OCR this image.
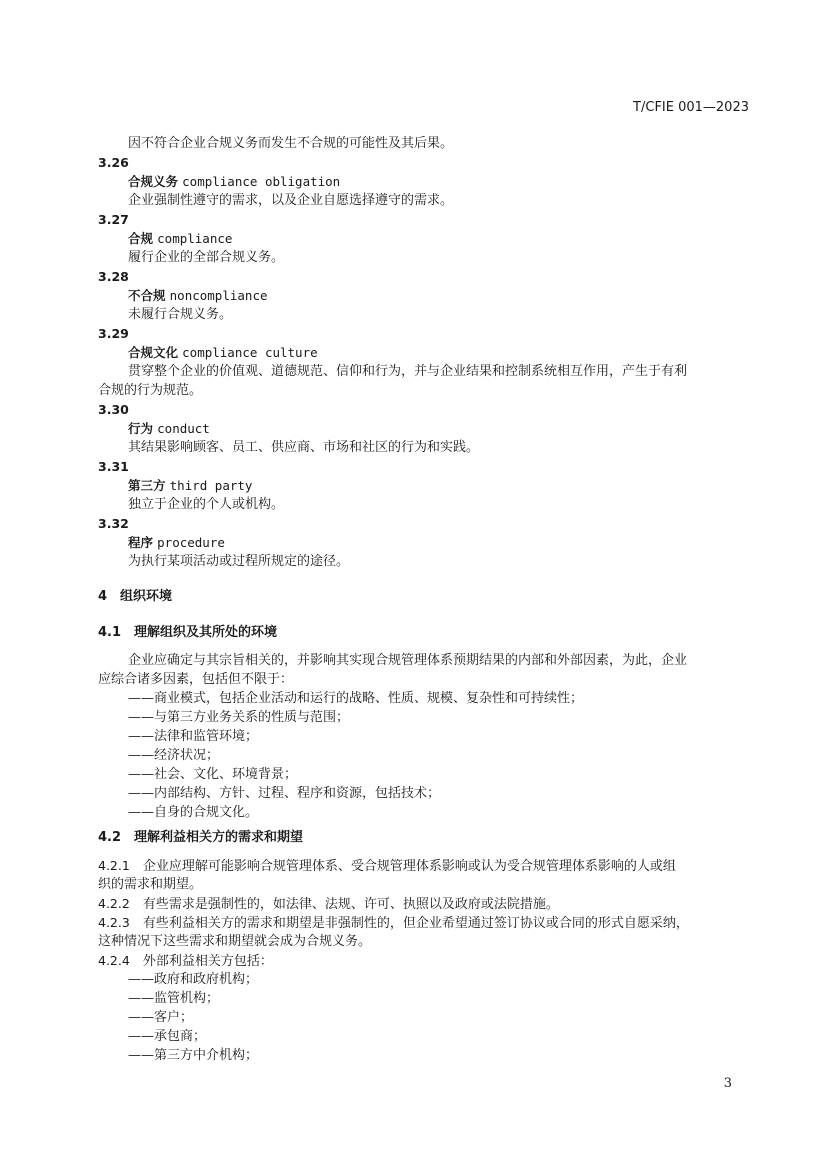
T/CFIE 001—2023
因不符合企业合规义务而发生不合规的可能性及其后果。
3.26
合规义务 compliance obligation
企业强制性遵守的需求，以及企业自愿选择遵守的需求。
3.27
合规 compliance
履行企业的全部合规义务。
3.28
不合规 noncompliance
未履行合规义务。
3.29
合规文化 compliance culture
贯穿整个企业的价值观、道德规范、信仰和行为，并与企业结果和控制系统相互作用，产生于有利
合规的行为规范。
3.30
行为 conduct
其结果影响顾客、员工、供应商、市场和社区的行为和实践。
3.31
第三方 third party
独立于企业的个人或机构。
3.32
程序 procedure
为执行某项活动或过程所规定的途径。
4　组织环境
4.1　理解组织及其所处的环境
企业应确定与其宗旨相关的，并影响其实现合规管理体系预期结果的内部和外部因素，为此，企业
应综合诸多因素，包括但不限于：
——商业模式，包括企业活动和运行的战略、性质、规模、复杂性和可持续性；
——与第三方业务关系的性质与范围；
——法律和监管环境；
——经济状况；
——社会、文化、环境背景；
——内部结构、方针、过程、程序和资源，包括技术；
——自身的合规文化。
4.2　理解利益相关方的需求和期望
4.2.1　 企业应理解可能影响合规管理体系、受合规管理体系影响或认为受合规管理体系影响的人或组
织的需求和期望。
4.2.2　 有些需求是强制性的，如法律、法规、许可、执照以及政府或法院措施。
4.2.3　 有些利益相关方的需求和期望是非强制性的，但企业希望通过签订协议或合同的形式自愿采纳，
这种情况下这些需求和期望就会成为合规义务。
4.2.4　 外部利益相关方包括：
——政府和政府机构；
——监管机构；
——客户；
——承包商；
——第三方中介机构；
3
